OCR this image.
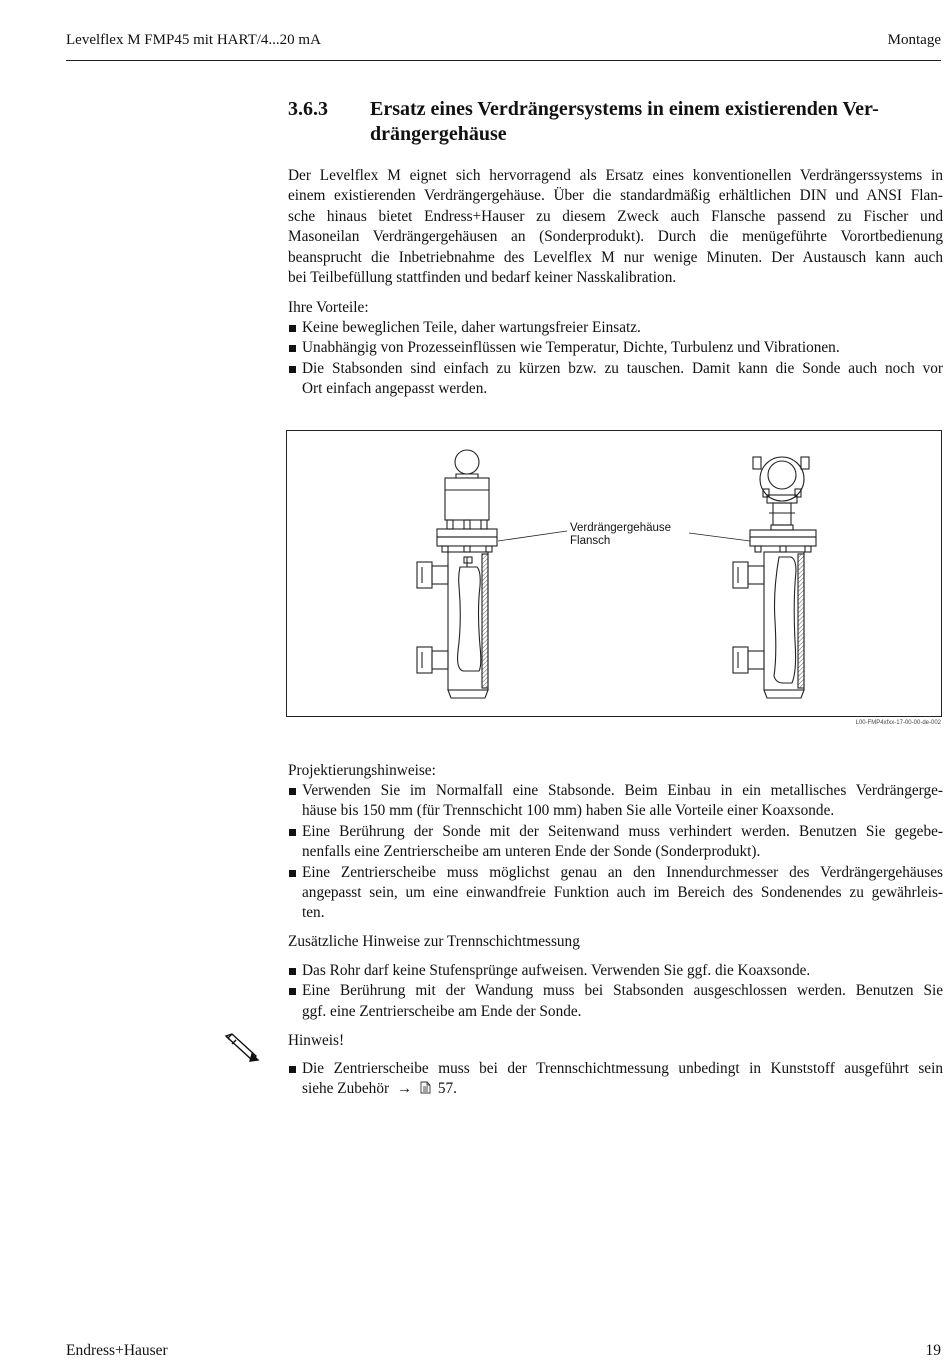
Levelflex M FMP45 mit HART/4...20 mA	Montage
3.6.3 Ersatz eines Verdrängersystems in einem existierenden Ver-
drängergehäuse
Der Levelflex M eignet sich hervorragend als Ersatz eines konventionellen Verdrängerssystems in
einem existierenden Verdrängergehäuse. Über die standardmäßig erhältlichen DIN und ANSI Flan-
sche hinaus bietet Endress+Hauser zu diesem Zweck auch Flansche passend zu Fischer und
Masoneilan Verdrängergehäusen an (Sonderprodukt). Durch die menügeführte Vorortbedienung
beansprucht die Inbetriebnahme des Levelflex M nur wenige Minuten. Der Austausch kann auch
bei Teilbefüllung stattfinden und bedarf keiner Nasskalibration.
Ihre Vorteile:
Keine beweglichen Teile, daher wartungsfreier Einsatz.
Unabhängig von Prozesseinflüssen wie Temperatur, Dichte, Turbulenz und Vibrationen.
Die Stabsonden sind einfach zu kürzen bzw. zu tauschen. Damit kann die Sonde auch noch vor
Ort einfach angepasst werden.
Verdrängergehäuse
Flansch
L00-FMP4xfxx-17-00-00-de-002
Projektierungshinweise:
Verwenden Sie im Normalfall eine Stabsonde. Beim Einbau in ein metallisches Verdrängerge-
häuse bis 150 mm (für Trennschicht 100 mm) haben Sie alle Vorteile einer Koaxsonde.
Eine Berührung der Sonde mit der Seitenwand muss verhindert werden. Benutzen Sie gegebe-
nenfalls eine Zentrierscheibe am unteren Ende der Sonde (Sonderprodukt).
Eine Zentrierscheibe muss möglichst genau an den Innendurchmesser des Verdrängergehäuses
angepasst sein, um eine einwandfreie Funktion auch im Bereich des Sondenendes zu gewährleis-
ten.
Zusätzliche Hinweise zur Trennschichtmessung
Das Rohr darf keine Stufensprünge aufweisen. Verwenden Sie ggf. die Koaxsonde.
Eine Berührung mit der Wandung muss bei Stabsonden ausgeschlossen werden. Benutzen Sie
ggf. eine Zentrierscheibe am Ende der Sonde.
Hinweis!
Die Zentrierscheibe muss bei der Trennschichtmessung unbedingt in Kunststoff ausgeführt sein
siehe Zubehör → 57.
Endress+Hauser	19
